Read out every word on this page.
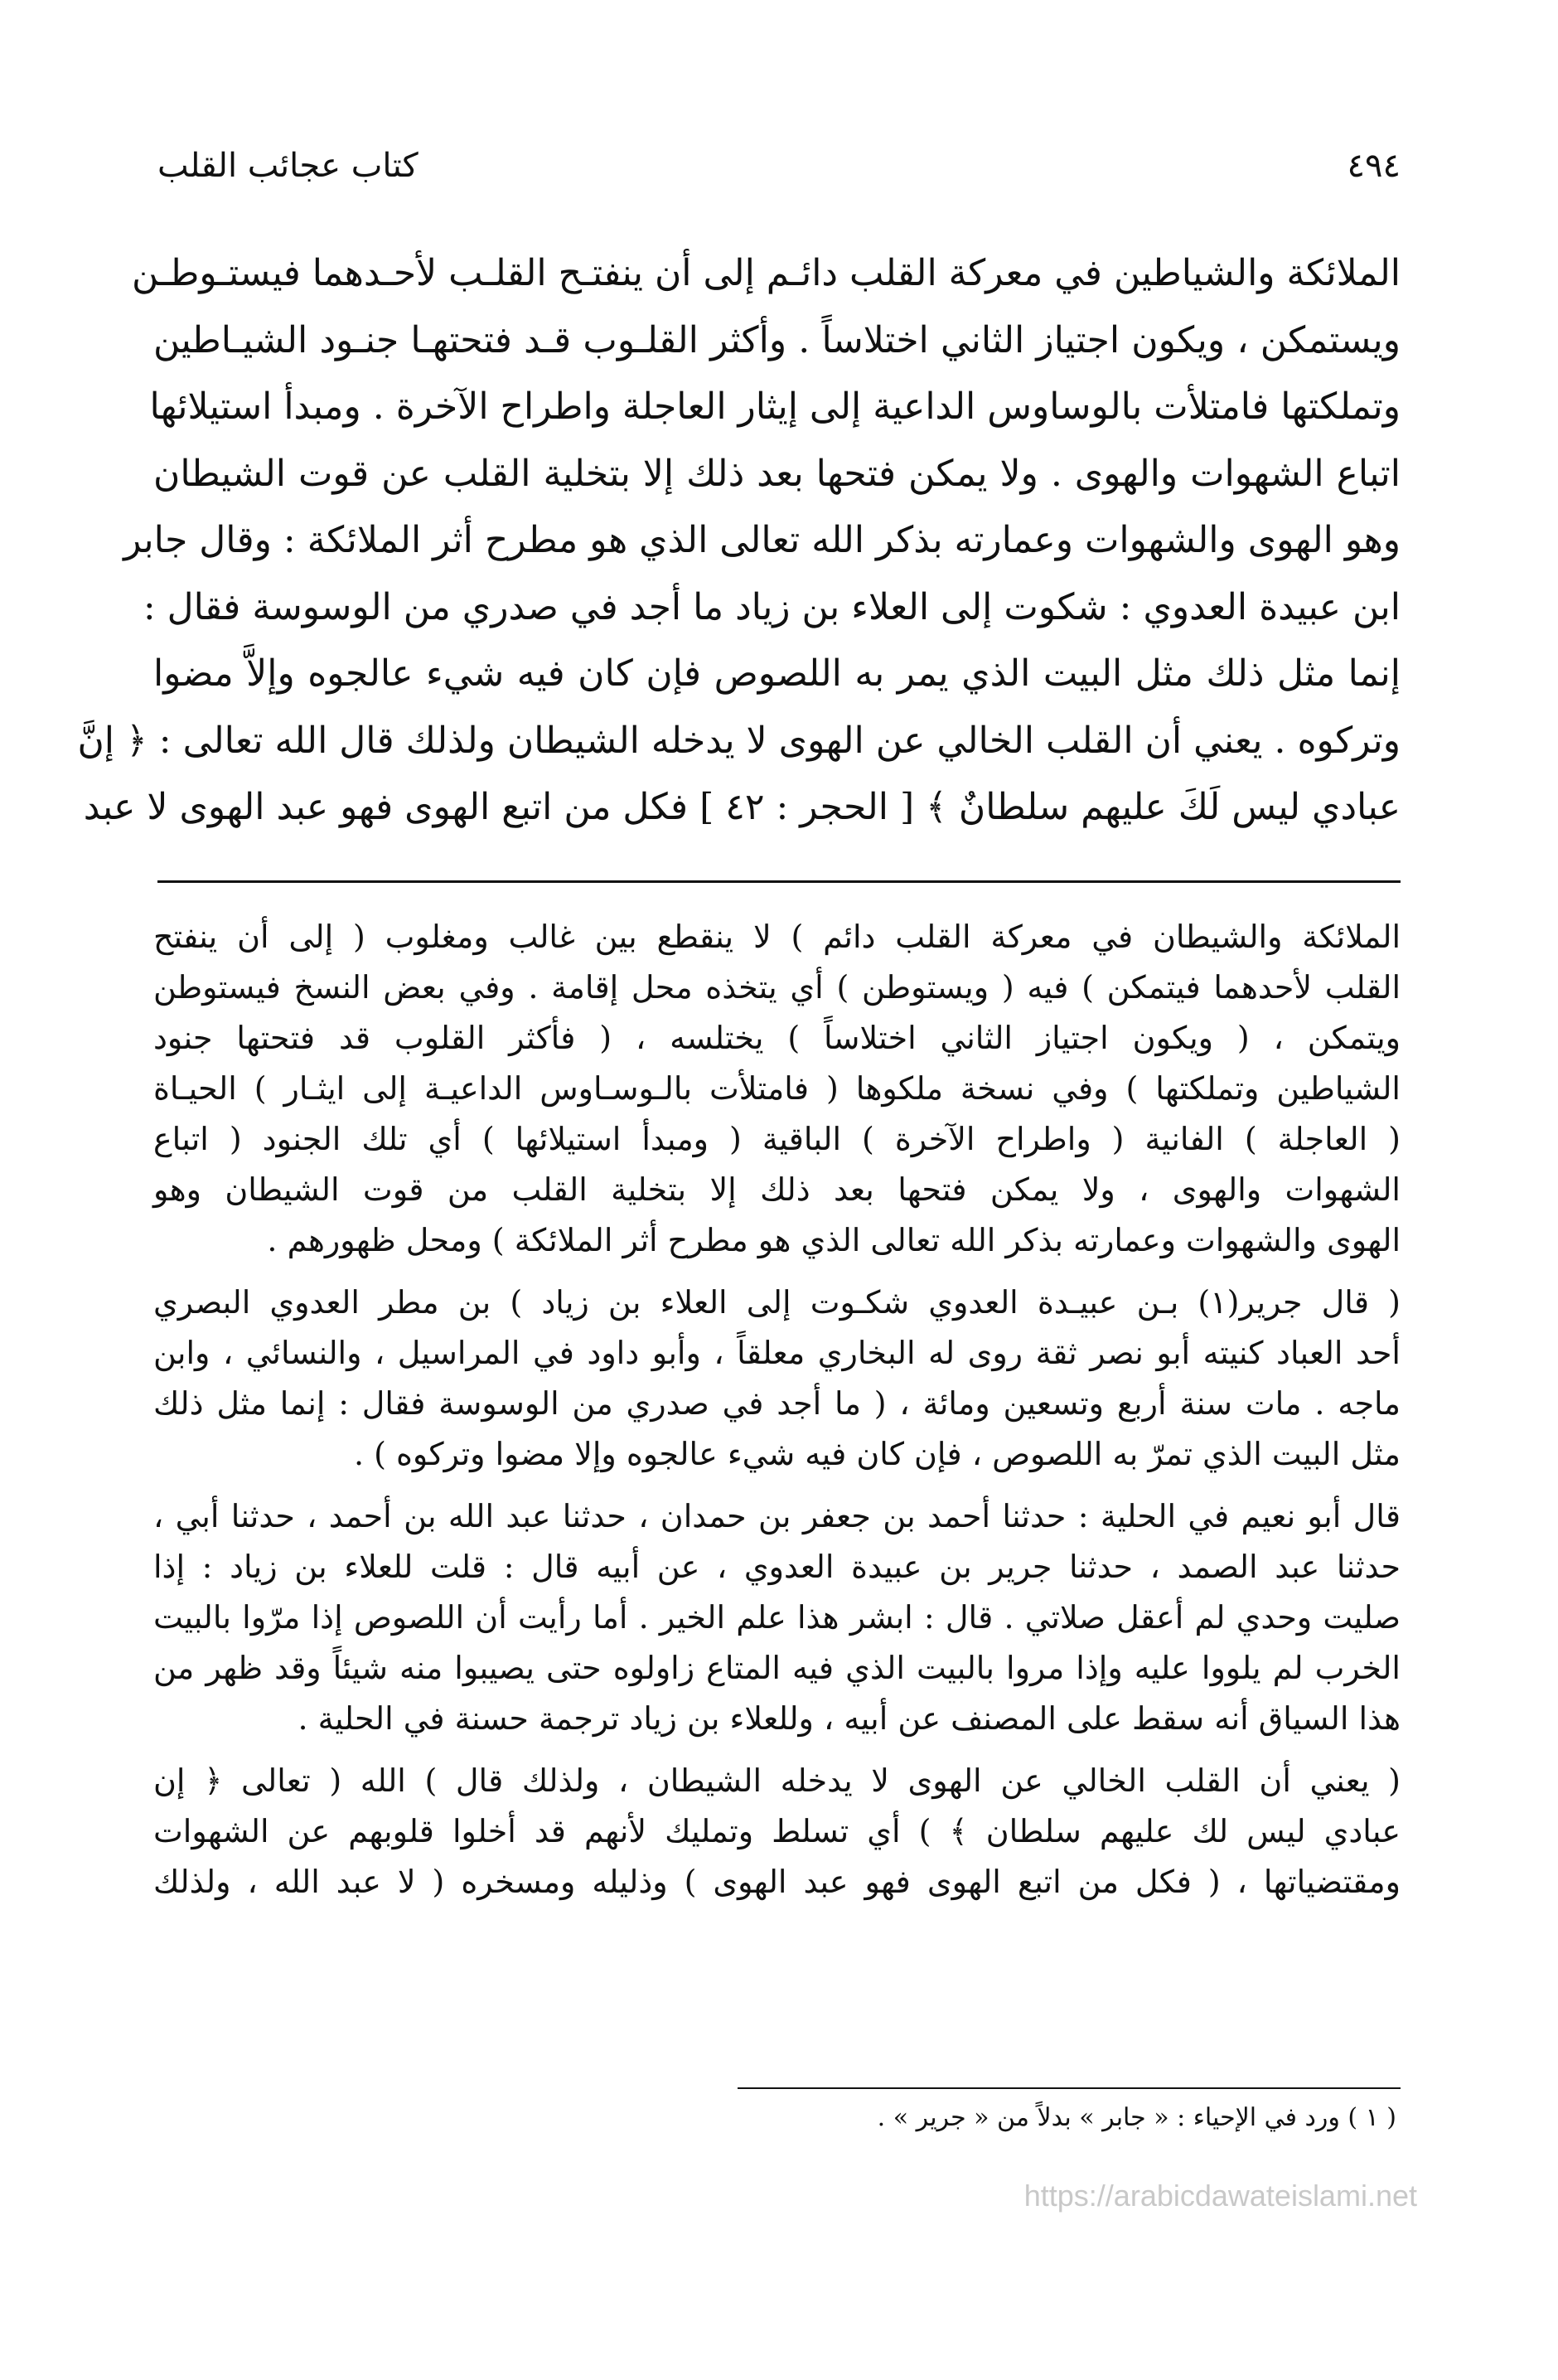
كتاب عجائب القلب	٤٩٤
الملائكة والشياطين في معركة القلب دائـم إلى أن ينفتـح القلـب لأحـدهما فيستـوطـن
ويستمكن ، ويكون اجتياز الثاني اختلاساً . وأكثر القلـوب قـد فتحتهـا جنـود الشيـاطين
وتملكتها فامتلأت بالوساوس الداعية إلى إيثار العاجلة واطراح الآخرة . ومبدأ استيلائها
اتباع الشهوات والهوى . ولا يمكن فتحها بعد ذلك إلا بتخلية القلب عن قوت الشيطان
وهو الهوى والشهوات وعمارته بذكر الله تعالى الذي هو مطرح أثر الملائكة : وقال جابر
ابن عبيدة العدوي : شكوت إلى العلاء بن زياد ما أجد في صدري من الوسوسة فقال :
إنما مثل ذلك مثل البيت الذي يمر به اللصوص فإن كان فيه شيء عالجوه وإلاَّ مضوا
وتركوه . يعني أن القلب الخالي عن الهوى لا يدخله الشيطان ولذلك قال الله تعالى : ﴿ إنَّ
عبادي ليس لَكَ عليهم سلطانٌ ﴾ [ الحجر : ٤٢ ] فكل من اتبع الهوى فهو عبد الهوى لا عبد
الملائكة والشيطان في معركة القلب دائم ) لا ينقطع بين غالب ومغلوب ( إلى أن ينفتح
القلب لأحدهما فيتمكن ) فيه ( ويستوطن ) أي يتخذه محل إقامة . وفي بعض النسخ فيستوطن
ويتمكن ، ( ويكون اجتياز الثاني اختلاساً ) يختلسه ، ( فأكثر القلوب قد فتحتها جنود
الشياطين وتملكتها ) وفي نسخة ملكوها ( فامتلأت بالـوسـاوس الداعيـة إلى ايثـار ) الحيـاة
( العاجلة ) الفانية ( واطراح الآخرة ) الباقية ( ومبدأ استيلائها ) أي تلك الجنود ( اتباع
الشهوات والهوى ، ولا يمكن فتحها بعد ذلك إلا بتخلية القلب من قوت الشيطان وهو
الهوى والشهوات وعمارته بذكر الله تعالى الذي هو مطرح أثر الملائكة ) ومحل ظهورهم .
( قال جرير(١) بـن عبيـدة العدوي شكـوت إلى العلاء بن زياد ) بن مطر العدوي البصري
أحد العباد كنيته أبو نصر ثقة روى له البخاري معلقاً ، وأبو داود في المراسيل ، والنسائي ، وابن
ماجه . مات سنة أربع وتسعين ومائة ، ( ما أجد في صدري من الوسوسة فقال : إنما مثل ذلك
مثل البيت الذي تمرّ به اللصوص ، فإن كان فيه شيء عالجوه وإلا مضوا وتركوه ) .
قال أبو نعيم في الحلية : حدثنا أحمد بن جعفر بن حمدان ، حدثنا عبد الله بن أحمد ، حدثنا أبي ،
حدثنا عبد الصمد ، حدثنا جرير بن عبيدة العدوي ، عن أبيه قال : قلت للعلاء بن زياد : إذا
صليت وحدي لم أعقل صلاتي . قال : ابشر هذا علم الخير . أما رأيت أن اللصوص إذا مرّوا بالبيت
الخرب لم يلووا عليه وإذا مروا بالبيت الذي فيه المتاع زاولوه حتى يصيبوا منه شيئاً وقد ظهر من
هذا السياق أنه سقط على المصنف عن أبيه ، وللعلاء بن زياد ترجمة حسنة في الحلية .
( يعني أن القلب الخالي عن الهوى لا يدخله الشيطان ، ولذلك قال ) الله ( تعالى ﴿ إن
عبادي ليس لك عليهم سلطان ﴾ ) أي تسلط وتمليك لأنهم قد أخلوا قلوبهم عن الشهوات
ومقتضياتها ، ( فكل من اتبع الهوى فهو عبد الهوى ) وذليله ومسخره ( لا عبد الله ، ولذلك
( ١ ) ورد في الإحياء : « جابر » بدلاً من « جرير » .
https://arabicdawateislami.net
